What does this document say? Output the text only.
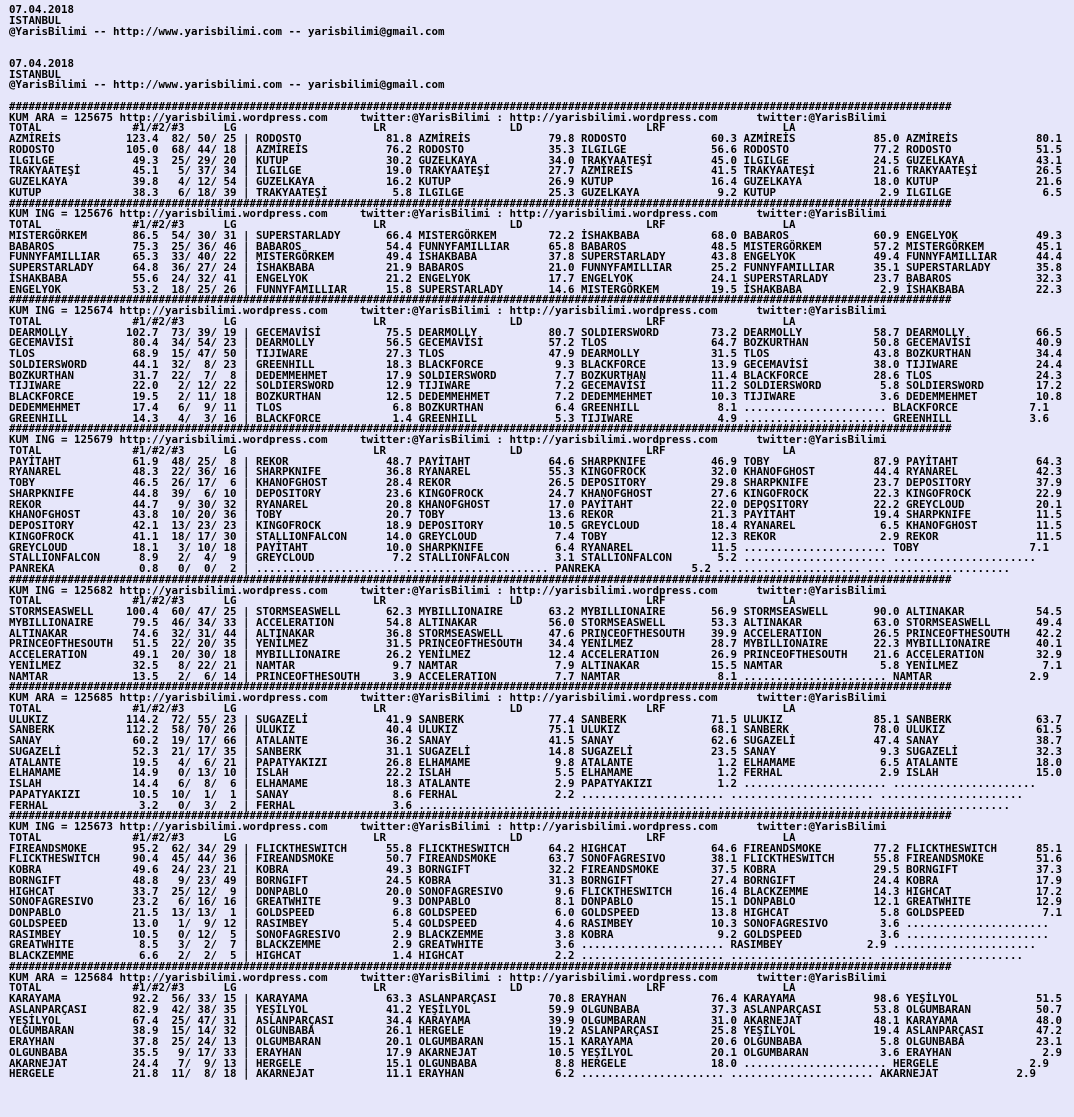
07.04.2018
ISTANBUL
@YarisBilimi -- http://www.yarisbilimi.com -- yarisbilimi@gmail.com

07.04.2018
ISTANBUL
@YarisBilimi -- http://www.yarisbilimi.com -- yarisbilimi@gmail.com

#################################################################################################################################################
KUM ARA = 125675 http://yarisbilimi.wordpress.com     twitter:@YarisBilimi : http://yarisbilimi.wordpress.com      twitter:@YarisBilimi
TOTAL              #1/#2/#3      LG                     LR                   LD                   LRF                  LA
AZMİREİS          123.4  82/ 50/ 25 | RODOSTO             81.8 AZMİREİS            79.8 RODOSTO             60.3 AZMİREİS            85.0 AZMİREİS            80.1
RODOSTO           105.0  68/ 44/ 18 | AZMİREİS            76.2 RODOSTO             35.3 ILGILGE             56.6 RODOSTO             77.2 RODOSTO             51.5
ILGILGE            49.3  25/ 29/ 20 | KUTUP               30.2 GUZELKAYA           34.0 TRAKYAATEŞİ         45.0 ILGILGE             24.5 GUZELKAYA           43.1
TRAKYAATEŞİ        45.1   5/ 37/ 34 | ILGILGE             19.0 TRAKYAATEŞİ         27.7 AZMİREİS            41.5 TRAKYAATEŞİ         21.6 TRAKYAATEŞİ         26.5
GUZELKAYA          39.8   4/ 12/ 54 | GUZELKAYA           16.2 KUTUP               26.9 KUTUP               16.4 GUZELKAYA           18.0 KUTUP               21.6
KUTUP              38.3   6/ 18/ 39 | TRAKYAATEŞİ          5.8 ILGILGE             25.3 GUZELKAYA            9.2 KUTUP                2.9 ILGILGE              6.5
#################################################################################################################################################
KUM ING = 125676 http://yarisbilimi.wordpress.com     twitter:@YarisBilimi : http://yarisbilimi.wordpress.com      twitter:@YarisBilimi
TOTAL              #1/#2/#3      LG                     LR                   LD                   LRF                  LA
MISTERGÖRKEM       86.5  54/ 30/ 31 | SUPERSTARLADY       66.4 MISTERGÖRKEM        72.2 İSHAKBABA           68.0 BABAROS             60.9 ENGELYOK            49.3
BABAROS            75.3  25/ 36/ 46 | BABAROS             54.4 FUNNYFAMILLIAR      65.8 BABAROS             48.5 MISTERGÖRKEM        57.2 MISTERGÖRKEM        45.1
FUNNYFAMILLIAR     65.3  33/ 40/ 22 | MISTERGÖRKEM        49.4 İSHAKBABA           37.8 SUPERSTARLADY       43.8 ENGELYOK            49.4 FUNNYFAMILLIAR      44.4
SUPERSTARLADY      64.8  36/ 27/ 24 | İSHAKBABA           21.9 BABAROS             21.0 FUNNYFAMILLIAR      25.2 FUNNYFAMILLIAR      35.1 SUPERSTARLADY       35.8
İSHAKBABA          55.6  24/ 32/ 41 | ENGELYOK            21.2 ENGELYOK            17.7 ENGELYOK            24.1 SUPERSTARLADY       23.7 BABAROS             32.3
ENGELYOK           53.2  18/ 25/ 26 | FUNNYFAMILLIAR      15.8 SUPERSTARLADY       14.6 MISTERGÖRKEM        19.5 İSHAKBABA            2.9 İSHAKBABA           22.3
#################################################################################################################################################
KUM ING = 125674 http://yarisbilimi.wordpress.com     twitter:@YarisBilimi : http://yarisbilimi.wordpress.com      twitter:@YarisBilimi
TOTAL              #1/#2/#3      LG                     LR                   LD                   LRF                  LA
DEARMOLLY         102.7  73/ 39/ 19 | GECEMAVİSİ          75.5 DEARMOLLY           80.7 SOLDIERSWORD        73.2 DEARMOLLY           58.7 DEARMOLLY           66.5
GECEMAVİSİ         80.4  34/ 54/ 23 | DEARMOLLY           56.5 GECEMAVİSİ          57.2 TLOS                64.7 BOZKURTHAN          50.8 GECEMAVİSİ          40.9
TLOS               68.9  15/ 47/ 50 | TIJIWARE            27.3 TLOS                47.9 DEARMOLLY           31.5 TLOS                43.8 BOZKURTHAN          34.4
SOLDIERSWORD       44.1  32/  8/ 23 | GREENHILL           18.3 BLACKFORCE           9.3 BLACKFORCE          13.9 GECEMAVİSİ          38.0 TIJIWARE            24.4
BOZKURTHAN         31.7  22/  7/  8 | DEDEMMEHMET         17.9 SOLDIERSWORD         7.7 BOZKURTHAN          11.4 BLACKFORCE          28.6 TLOS                24.3
TIJIWARE           22.0   2/ 12/ 22 | SOLDIERSWORD        12.9 TIJIWARE             7.2 GECEMAVİSİ          11.2 SOLDIERSWORD         5.8 SOLDIERSWORD        17.2
BLACKFORCE         19.5   2/ 11/ 18 | BOZKURTHAN          12.5 DEDEMMEHMET          7.2 DEDEMMEHMET         10.3 TIJIWARE             3.6 DEDEMMEHMET         10.8
DEDEMMEHMET        17.4   6/  9/ 11 | TLOS                 6.8 BOZKURTHAN           6.4 GREENHILL            8.1 ...................... BLACKFORCE           7.1
GREENHILL          14.3   4/  3/ 16 | BLACKFORCE           1.4 GREENHILL            5.3 TIJIWARE             4.9 ...................... GREENHILL            3.6
#################################################################################################################################################
KUM ING = 125679 http://yarisbilimi.wordpress.com     twitter:@YarisBilimi : http://yarisbilimi.wordpress.com      twitter:@YarisBilimi
TOTAL              #1/#2/#3      LG                     LR                   LD                   LRF                  LA
PAYİTAHT           61.9  48/ 25/  8 | REKOR               48.7 PAYİTAHT            64.6 SHARPKNIFE          46.9 TOBY                87.9 PAYİTAHT            64.3
RYANAREL           48.3  22/ 36/ 16 | SHARPKNIFE          36.8 RYANAREL            55.3 KINGOFROCK          32.0 KHANOFGHOST         44.4 RYANAREL            42.3
TOBY               46.5  26/ 17/  6 | KHANOFGHOST         28.4 REKOR               26.5 DEPOSITORY          29.8 SHARPKNIFE          23.7 DEPOSITORY          37.9
SHARPKNIFE         44.8  39/  6/ 10 | DEPOSITORY          23.6 KINGOFROCK          24.7 KHANOFGHOST         27.6 KINGOFROCK          22.3 KINGOFROCK          22.9
REKOR              44.7   9/ 30/ 32 | RYANAREL            20.8 KHANOFGHOST         17.0 PAYİTAHT            22.0 DEPOSITORY          22.2 GREYCLOUD           20.1
KHANOFGHOST        43.8  10/ 20/ 36 | TOBY                20.7 TOBY                13.6 REKOR               21.3 PAYİTAHT            19.4 SHARPKNIFE          11.5
DEPOSITORY         42.1  13/ 23/ 23 | KINGOFROCK          18.9 DEPOSITORY          10.5 GREYCLOUD           18.4 RYANAREL             6.5 KHANOFGHOST         11.5
KINGOFROCK         41.1  18/ 17/ 30 | STALLIONFALCON      14.0 GREYCLOUD            7.4 TOBY                12.3 REKOR                2.9 REKOR               11.5
GREYCLOUD          18.1   3/ 10/ 18 | PAYİTAHT            10.0 SHARPKNIFE           6.4 RYANAREL            11.5 ...................... TOBY                 7.1
STALLIONFALCON      8.9   2/  4/  9 | GREYCLOUD            7.2 STALLIONFALCON       3.1 STALLIONFALCON       5.2 ...................... ......................
PANREKA             0.8   0/  0/  2 | ...................... ...................... PANREKA              5.2 ...................... ......................
#################################################################################################################################################
KUM ING = 125682 http://yarisbilimi.wordpress.com     twitter:@YarisBilimi : http://yarisbilimi.wordpress.com      twitter:@YarisBilimi
TOTAL              #1/#2/#3      LG                     LR                   LD                   LRF                  LA
STORMSEASWELL     100.4  60/ 47/ 25 | STORMSEASWELL       62.3 MYBILLIONAIRE       63.2 MYBILLIONAIRE       56.9 STORMSEASWELL       90.0 ALTINAKAR           54.5
MYBILLIONAIRE      79.5  46/ 34/ 33 | ACCELERATION        54.8 ALTINAKAR           56.0 STORMSEASWELL       53.3 ALTINAKAR           63.0 STORMSEASWELL       49.4
ALTINAKAR          74.6  32/ 31/ 44 | ALTINAKAR           36.8 STORMSEASWELL       47.6 PRINCEOFTHESOUTH    39.9 ACCELERATION        26.5 PRINCEOFTHESOUTH    42.2
PRINCEOFTHESOUTH   51.5  22/ 20/ 35 | YENİLMEZ            31.5 PRINCEOFTHESOUTH    34.4 YENİLMEZ            28.7 MYBILLIONAIRE       22.3 MYBILLIONAIRE       40.1
ACCELERATION       49.1  20/ 30/ 18 | MYBILLIONAIRE       26.2 YENİLMEZ            12.4 ACCELERATION        26.9 PRINCEOFTHESOUTH    21.6 ACCELERATION        32.9
YENİLMEZ           32.5   8/ 22/ 21 | NAMTAR               9.7 NAMTAR               7.9 ALTINAKAR           15.5 NAMTAR               5.8 YENİLMEZ             7.1
NAMTAR             13.5   2/  6/ 14 | PRINCEOFTHESOUTH     3.9 ACCELERATION         7.7 NAMTAR               8.1 ...................... NAMTAR               2.9
#################################################################################################################################################
KUM ARA = 125685 http://yarisbilimi.wordpress.com     twitter:@YarisBilimi : http://yarisbilimi.wordpress.com      twitter:@YarisBilimi
TOTAL              #1/#2/#3      LG                     LR                   LD                   LRF                  LA
ULUKIZ            114.2  72/ 55/ 23 | SUGAZELİ            41.9 SANBERK             77.4 SANBERK             71.5 ULUKIZ              85.1 SANBERK             63.7
SANBERK           112.2  58/ 70/ 26 | ULUKIZ              40.4 ULUKIZ              75.1 ULUKIZ              68.1 SANBERK             78.0 ULUKIZ              61.5
SANAY              60.2  19/ 17/ 66 | ATALANTE            36.2 SANAY               41.5 SANAY               62.6 SUGAZELİ            47.4 SANAY               38.7
SUGAZELİ           52.3  21/ 17/ 35 | SANBERK             31.1 SUGAZELİ            14.8 SUGAZELİ            23.5 SANAY                9.3 SUGAZELİ            32.3
ATALANTE           19.5   4/  6/ 21 | PAPATYAKIZI         26.8 ELHAMAME             9.8 ATALANTE             1.2 ELHAMAME             6.5 ATALANTE            18.0
ELHAMAME           14.9   0/ 13/ 10 | ISLAH               22.2 ISLAH                5.5 ELHAMAME             1.2 FERHAL               2.9 ISLAH               15.0
ISLAH              14.4   6/  8/  6 | ELHAMAME            18.3 ATALANTE             2.9 PAPATYAKIZI          1.2 ...................... ......................
PAPATYAKIZI        10.5  10/  1/  1 | SANAY                8.6 FERHAL               2.2 ...................... ...................... ......................
FERHAL              3.2   0/  3/  2 | FERHAL               3.6 ...................... ...................... ...................... ......................
#################################################################################################################################################
KUM ING = 125673 http://yarisbilimi.wordpress.com     twitter:@YarisBilimi : http://yarisbilimi.wordpress.com      twitter:@YarisBilimi
TOTAL              #1/#2/#3      LG                     LR                   LD                   LRF                  LA
FIREANDSMOKE       95.2  62/ 34/ 29 | FLICKTHESWITCH      55.8 FLICKTHESWITCH      64.2 HIGHCAT             64.6 FIREANDSMOKE        77.2 FLICKTHESWITCH      85.1
FLICKTHESWITCH     90.4  45/ 44/ 36 | FIREANDSMOKE        50.7 FIREANDSMOKE        63.7 SONOFAGRESIVO       38.1 FLICKTHESWITCH      55.8 FIREANDSMOKE        51.6
KOBRA              49.6  24/ 23/ 21 | KOBRA               49.3 BORNGIFT            32.2 FIREANDSMOKE        37.5 KOBRA               29.5 BORNGIFT            37.3
BORNGIFT           48.8   9/ 23/ 49 | BORNGIFT            24.5 KOBRA               31.3 BORNGIFT            27.4 BORNGIFT            24.4 KOBRA               17.9
HIGHCAT            33.7  25/ 12/  9 | DONPABLO            20.0 SONOFAGRESIVO        9.6 FLICKTHESWITCH      16.4 BLACKZEMME          14.3 HIGHCAT             17.2
SONOFAGRESIVO      23.2   6/ 16/ 16 | GREATWHITE           9.3 DONPABLO             8.1 DONPABLO            15.1 DONPABLO            12.1 GREATWHITE          12.9
DONPABLO           21.5  13/ 13/  1 | GOLDSPEED            6.8 GOLDSPEED            6.0 GOLDSPEED           13.8 HIGHCAT              5.8 GOLDSPEED            7.1
GOLDSPEED          13.0   1/  9/ 12 | RASIMBEY             5.4 GOLDSPEED            4.6 RASIMBEY            10.3 SONOFAGRESIVO        3.6 ......................
RASIMBEY           10.5   0/ 12/  5 | SONOFAGRESIVO        2.9 BLACKZEMME           3.8 KOBRA                9.2 GOLDSPEED            3.6 ......................
GREATWHITE          8.5   3/  2/  7 | BLACKZEMME           2.9 GREATWHITE           3.6 ...................... RASIMBEY             2.9 ......................
BLACKZEMME          6.6   2/  2/  5 | HIGHCAT              1.4 HIGHCAT              2.2 ...................... ...................... ......................
#################################################################################################################################################
KUM ARA = 125684 http://yarisbilimi.wordpress.com     twitter:@YarisBilimi : http://yarisbilimi.wordpress.com      twitter:@YarisBilimi
TOTAL              #1/#2/#3      LG                     LR                   LD                   LRF                  LA
KARAYAMA           92.2  56/ 33/ 15 | KARAYAMA            63.3 ASLANPARÇASI        70.8 ERAYHAN             76.4 KARAYAMA            98.6 YEŞİLYOL            51.5
ASLANPARÇASI       82.9  42/ 38/ 35 | YEŞİLYOL            41.2 YEŞİLYOL            59.9 OLGUNBABA           37.3 ASLANPARÇASI        53.8 OLGUMBARAN          50.7
YEŞİLYOL           67.4  25/ 47/ 31 | ASLANPARÇASI        34.4 KARAYAMA            39.9 OLGUMBARAN          31.0 AKARNEJAT           48.1 KARAYAMA            48.0
OLGUMBARAN         38.9  15/ 14/ 32 | OLGUNBABA           26.1 HERGELE             19.2 ASLANPARÇASI        25.8 YEŞİLYOL            19.4 ASLANPARÇASI        47.2
ERAYHAN            37.8  25/ 24/ 13 | OLGUMBARAN          20.1 OLGUMBARAN          15.1 KARAYAMA            20.6 OLGUNBABA            5.8 OLGUNBABA           23.1
OLGUNBABA          35.5   9/ 17/ 33 | ERAYHAN             17.9 AKARNEJAT           10.5 YEŞİLYOL            20.1 OLGUMBARAN           3.6 ERAYHAN              2.9
AKARNEJAT          24.4   7/  9/ 13 | HERGELE             15.1 OLGUNBABA            8.8 HERGELE             18.0 ...................... HERGELE              2.9
HERGELE            21.8  11/  8/ 18 | AKARNEJAT           11.1 ERAYHAN              6.2 ...................... ...................... AKARNEJAT            2.9
